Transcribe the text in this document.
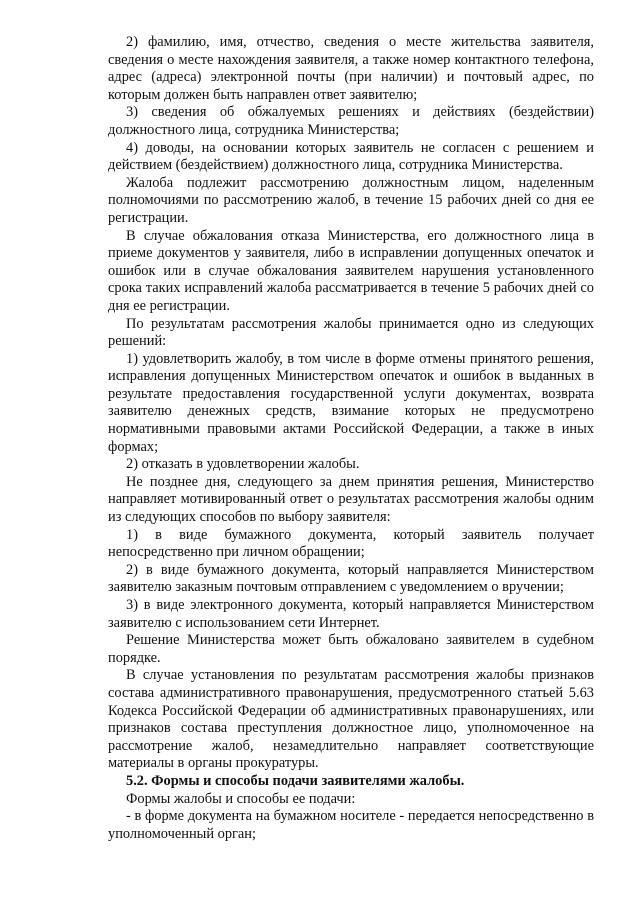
2) фамилию, имя, отчество, сведения о месте жительства заявителя, сведения о месте нахождения заявителя, а также номер контактного телефона, адрес (адреса) электронной почты (при наличии) и почтовый адрес, по которым должен быть направлен ответ заявителю;

3) сведения об обжалуемых решениях и действиях (бездействии) должностного лица, сотрудника Министерства;

4) доводы, на основании которых заявитель не согласен с решением и действием (бездействием) должностного лица, сотрудника Министерства.

Жалоба подлежит рассмотрению должностным лицом, наделенным полномочиями по рассмотрению жалоб, в течение 15 рабочих дней со дня ее регистрации.

В случае обжалования отказа Министерства, его должностного лица в приеме документов у заявителя, либо в исправлении допущенных опечаток и ошибок или в случае обжалования заявителем нарушения установленного срока таких исправлений жалоба рассматривается в течение 5 рабочих дней со дня ее регистрации.

По результатам рассмотрения жалобы принимается одно из следующих решений:

1) удовлетворить жалобу, в том числе в форме отмены принятого решения, исправления допущенных Министерством опечаток и ошибок в выданных в результате предоставления государственной услуги документах, возврата заявителю денежных средств, взимание которых не предусмотрено нормативными правовыми актами Российской Федерации, а также в иных формах;

2) отказать в удовлетворении жалобы.

Не позднее дня, следующего за днем принятия решения, Министерство направляет мотивированный ответ о результатах рассмотрения жалобы одним из следующих способов по выбору заявителя:

1) в виде бумажного документа, который заявитель получает непосредственно при личном обращении;

2) в виде бумажного документа, который направляется Министерством заявителю заказным почтовым отправлением с уведомлением о вручении;

3) в виде электронного документа, который направляется Министерством заявителю с использованием сети Интернет.

Решение Министерства может быть обжаловано заявителем в судебном порядке.

В случае установления по результатам рассмотрения жалобы признаков состава административного правонарушения, предусмотренного статьей 5.63 Кодекса Российской Федерации об административных правонарушениях, или признаков состава преступления должностное лицо, уполномоченное на рассмотрение жалоб, незамедлительно направляет соответствующие материалы в органы прокуратуры.

5.2. Формы и способы подачи заявителями жалобы.

Формы жалобы и способы ее подачи:

- в форме документа на бумажном носителе - передается непосредственно в уполномоченный орган;
